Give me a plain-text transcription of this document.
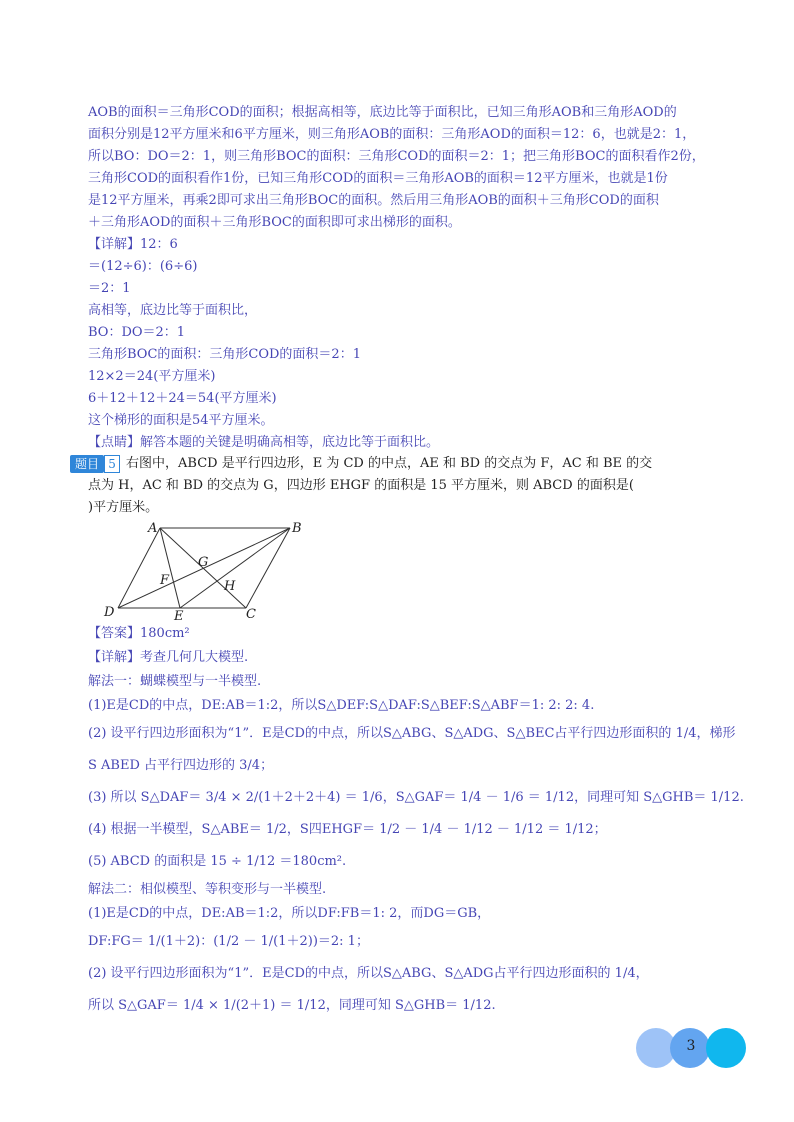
AOB的面积＝三角形COD的面积；根据高相等，底边比等于面积比，已知三角形AOB和三角形AOD的
面积分别是12平方厘米和6平方厘米，则三角形AOB的面积：三角形AOD的面积＝12：6，也就是2：1，
所以BO：DO＝2：1，则三角形BOC的面积：三角形COD的面积＝2：1；把三角形BOC的面积看作2份，
三角形COD的面积看作1份，已知三角形COD的面积＝三角形AOB的面积＝12平方厘米，也就是1份
是12平方厘米，再乘2即可求出三角形BOC的面积。然后用三角形AOB的面积＋三角形COD的面积
＋三角形AOD的面积＋三角形BOC的面积即可求出梯形的面积。
【详解】12：6
＝(12÷6)：(6÷6)
＝2：1
高相等，底边比等于面积比，
BO：DO＝2：1
三角形BOC的面积：三角形COD的面积＝2：1
12×2＝24(平方厘米)
6＋12＋12＋24＝54(平方厘米)
这个梯形的面积是54平方厘米。
【点睛】解答本题的关键是明确高相等，底边比等于面积比。
题目 5 右图中，ABCD 是平行四边形，E 为 CD 的中点，AE 和 BD 的交点为 F，AC 和 BE 的交
点为 H，AC 和 BD 的交点为 G，四边形 EHGF 的面积是 15 平方厘米，则 ABCD 的面积是(
)平方厘米。
A	B
C
D	E
F
G
H
【答案】180cm²
【详解】考查几何几大模型.
解法一：蝴蝶模型与一半模型.
(1)E是CD的中点，DE:AB＝1:2，所以S△DEF:S△DAF:S△BEF:S△ABF＝1: 2: 2: 4.
(2) 设平行四边形面积为“1”．E是CD的中点，所以S△ABG、S△ADG、S△BEC占平行四边形面积的 1/4，梯形
S ABED 占平行四边形的 3/4；
(3) 所以 S△DAF＝ 3/4 × 2/(1＋2＋2＋4) ＝ 1/6，S△GAF＝ 1/4 － 1/6 ＝ 1/12，同理可知 S△GHB＝ 1/12.
(4) 根据一半模型，S△ABE＝ 1/2，S四EHGF＝ 1/2 － 1/4 － 1/12 － 1/12 ＝ 1/12；
(5) ABCD 的面积是 15 ÷ 1/12 ＝180cm².
解法二：相似模型、等积变形与一半模型.
(1)E是CD的中点，DE:AB＝1:2，所以DF:FB＝1: 2，而DG＝GB，
DF:FG＝ 1/(1＋2)：(1/2 － 1/(1＋2))＝2: 1；
(2) 设平行四边形面积为“1”．E是CD的中点，所以S△ABG、S△ADG占平行四边形面积的 1/4，
所以 S△GAF＝ 1/4 × 1/(2＋1) ＝ 1/12，同理可知 S△GHB＝ 1/12.
3
